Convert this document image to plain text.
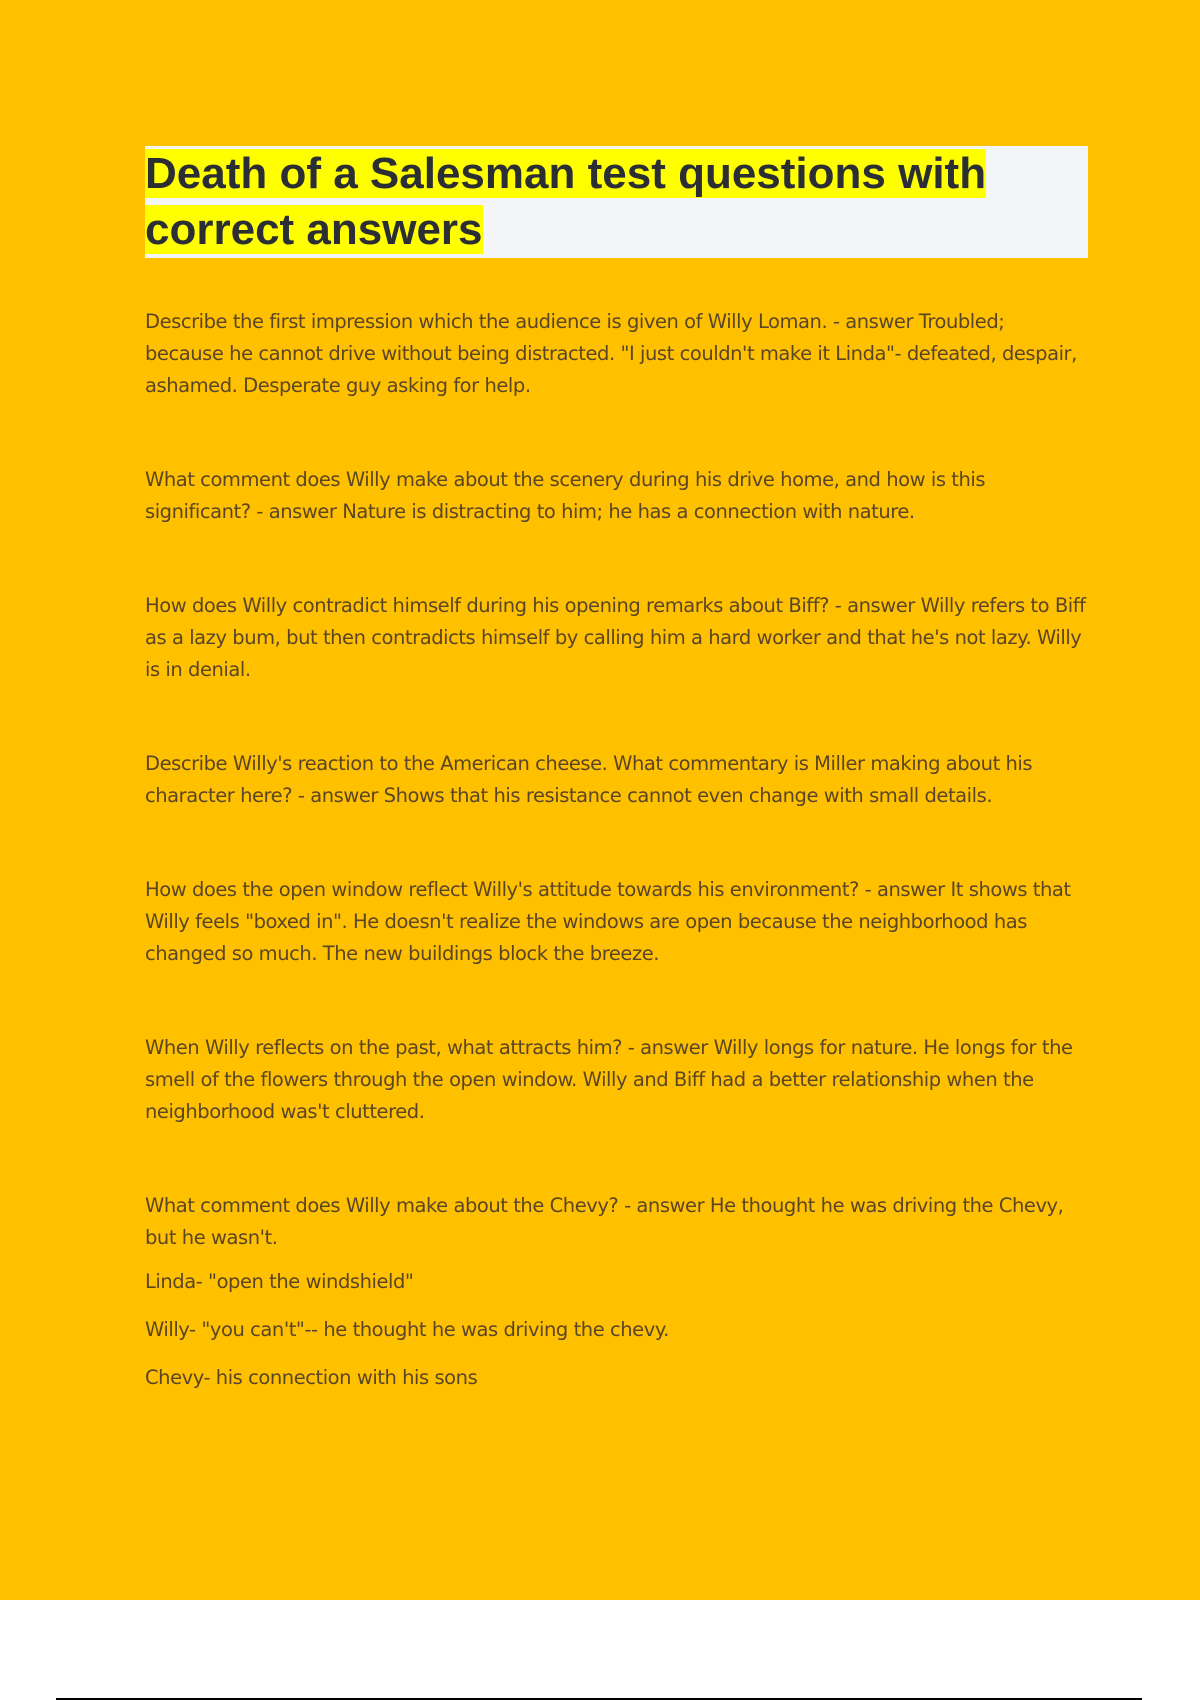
Death of a Salesman test questions with correct answers

Describe the first impression which the audience is given of Willy Loman. - answer Troubled; because he cannot drive without being distracted. "I just couldn't make it Linda"- defeated, despair, ashamed. Desperate guy asking for help.

What comment does Willy make about the scenery during his drive home, and how is this significant? - answer Nature is distracting to him; he has a connection with nature.

How does Willy contradict himself during his opening remarks about Biff? - answer Willy refers to Biff as a lazy bum, but then contradicts himself by calling him a hard worker and that he's not lazy. Willy is in denial.

Describe Willy's reaction to the American cheese. What commentary is Miller making about his character here? - answer Shows that his resistance cannot even change with small details.

How does the open window reflect Willy's attitude towards his environment? - answer It shows that Willy feels "boxed in". He doesn't realize the windows are open because the neighborhood has changed so much. The new buildings block the breeze.

When Willy reflects on the past, what attracts him? - answer Willy longs for nature. He longs for the smell of the flowers through the open window. Willy and Biff had a better relationship when the neighborhood was't cluttered.

What comment does Willy make about the Chevy? - answer He thought he was driving the Chevy, but he wasn't.

Linda- "open the windshield"

Willy- "you can't"-- he thought he was driving the chevy.

Chevy- his connection with his sons
